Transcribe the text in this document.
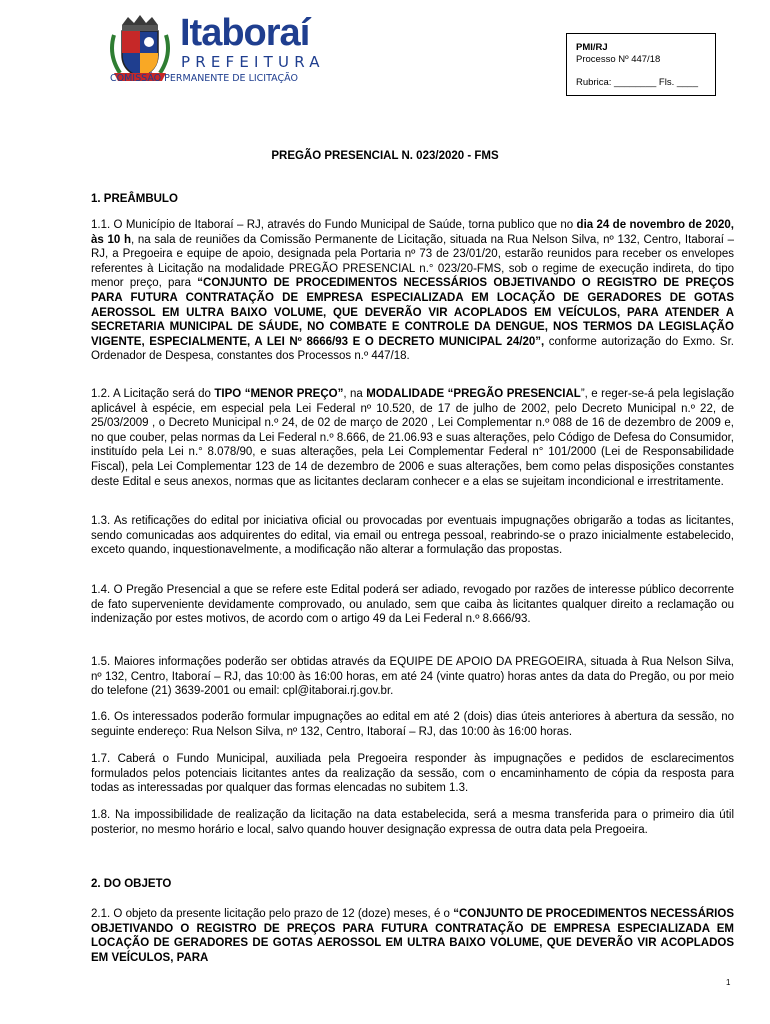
Itaboraí
PREFEITURA
COMISSÃO PERMANENTE DE LICITAÇÃO
PMI/RJ
Processo Nº 447/18
Rubrica: ________ Fls. ____
PREGÃO PRESENCIAL N. 023/2020 - FMS
1. PREÂMBULO
1.1. O Município de Itaboraí – RJ, através do Fundo Municipal de Saúde, torna publico que no dia 24 de novembro de 2020, às 10 h, na sala de reuniões da Comissão Permanente de Licitação, situada na Rua Nelson Silva, nº 132, Centro, Itaboraí – RJ, a Pregoeira e equipe de apoio, designada pela Portaria nº 73 de 23/01/20, estarão reunidos para receber os envelopes referentes à Licitação na modalidade PREGÃO PRESENCIAL n.° 023/20-FMS, sob o regime de execução indireta, do tipo menor preço, para “CONJUNTO DE PROCEDIMENTOS NECESSÁRIOS OBJETIVANDO O REGISTRO DE PREÇOS PARA FUTURA CONTRATAÇÃO DE EMPRESA ESPECIALIZADA EM LOCAÇÃO DE GERADORES DE GOTAS AEROSSOL EM ULTRA BAIXO VOLUME, QUE DEVERÃO VIR ACOPLADOS EM VEÍCULOS, PARA ATENDER A SECRETARIA MUNICIPAL DE SÁUDE, NO COMBATE E CONTROLE DA DENGUE, NOS TERMOS DA LEGISLAÇÃO VIGENTE, ESPECIALMENTE, A LEI Nº 8666/93 E O DECRETO MUNICIPAL 24/20”, conforme autorização do Exmo. Sr. Ordenador de Despesa, constantes dos Processos n.º 447/18.
1.2. A Licitação será do TIPO “MENOR PREÇO”, na MODALIDADE “PREGÃO PRESENCIAL”, e reger-se-á pela legislação aplicável à espécie, em especial pela Lei Federal nº 10.520, de 17 de julho de 2002, pelo Decreto Municipal n.º 22, de 25/03/2009 , o Decreto Municipal n.º 24, de 02 de março de 2020 , Lei Complementar n.º 088 de 16 de dezembro de 2009 e, no que couber, pelas normas da Lei Federal n.º 8.666, de 21.06.93 e suas alterações, pelo Código de Defesa do Consumidor, instituído pela Lei n.° 8.078/90, e suas alterações, pela Lei Complementar Federal n° 101/2000 (Lei de Responsabilidade Fiscal), pela Lei Complementar 123 de 14 de dezembro de 2006 e suas alterações, bem como pelas disposições constantes deste Edital e seus anexos, normas que as licitantes declaram conhecer e a elas se sujeitam incondicional e irrestritamente.
1.3. As retificações do edital por iniciativa oficial ou provocadas por eventuais impugnações obrigarão a todas as licitantes, sendo comunicadas aos adquirentes do edital, via email ou entrega pessoal, reabrindo-se o prazo inicialmente estabelecido, exceto quando, inquestionavelmente, a modificação não alterar a formulação das propostas.
1.4. O Pregão Presencial a que se refere este Edital poderá ser adiado, revogado por razões de interesse público decorrente de fato superveniente devidamente comprovado, ou anulado, sem que caiba às licitantes qualquer direito a reclamação ou indenização por estes motivos, de acordo com o artigo 49 da Lei Federal n.º 8.666/93.
1.5. Maiores informações poderão ser obtidas através da EQUIPE DE APOIO DA PREGOEIRA, situada à Rua Nelson Silva, nº 132, Centro, Itaboraí – RJ, das 10:00 às 16:00 horas, em até 24 (vinte quatro) horas antes da data do Pregão, ou por meio do telefone (21) 3639-2001 ou email: cpl@itaborai.rj.gov.br.
1.6. Os interessados poderão formular impugnações ao edital em até 2 (dois) dias úteis anteriores à abertura da sessão, no seguinte endereço: Rua Nelson Silva, nº 132, Centro, Itaboraí – RJ, das 10:00 às 16:00 horas.
1.7. Caberá o Fundo Municipal, auxiliada pela Pregoeira responder às impugnações e pedidos de esclarecimentos formulados pelos potenciais licitantes antes da realização da sessão, com o encaminhamento de cópia da resposta para todas as interessadas por qualquer das formas elencadas no subitem 1.3.
1.8. Na impossibilidade de realização da licitação na data estabelecida, será a mesma transferida para o primeiro dia útil posterior, no mesmo horário e local, salvo quando houver designação expressa de outra data pela Pregoeira.
2. DO OBJETO
2.1. O objeto da presente licitação pelo prazo de 12 (doze) meses, é o “CONJUNTO DE PROCEDIMENTOS NECESSÁRIOS OBJETIVANDO O REGISTRO DE PREÇOS PARA FUTURA CONTRATAÇÃO DE EMPRESA ESPECIALIZADA EM LOCAÇÃO DE GERADORES DE GOTAS AEROSSOL EM ULTRA BAIXO VOLUME, QUE DEVERÃO VIR ACOPLADOS EM VEÍCULOS, PARA
1
